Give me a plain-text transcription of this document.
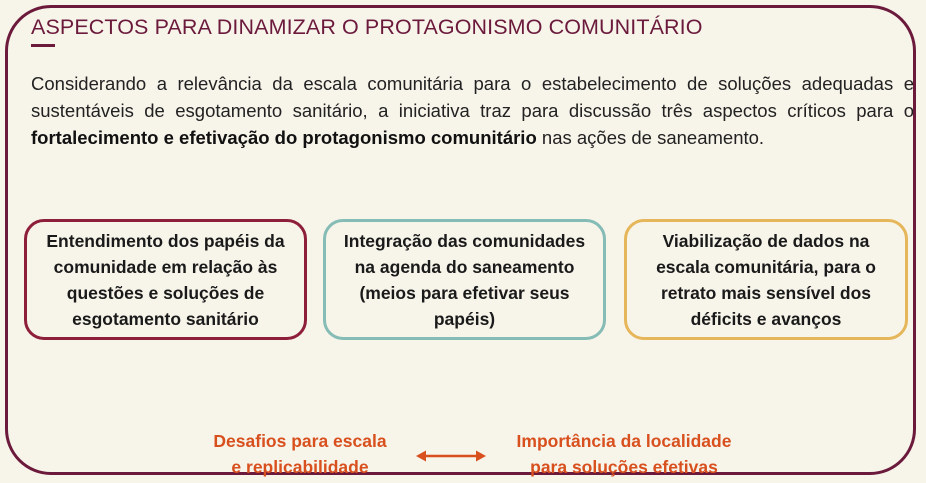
ASPECTOS PARA DINAMIZAR O PROTAGONISMO COMUNITÁRIO
Considerando a relevância da escala comunitária para o estabelecimento de soluções adequadas e sustentáveis de esgotamento sanitário, a iniciativa traz para discussão três aspectos críticos para o fortalecimento e efetivação do protagonismo comunitário nas ações de saneamento.
Entendimento dos papéis da comunidade em relação às questões e soluções de esgotamento sanitário
Integração das comunidades na agenda do saneamento (meios para efetivar seus papéis)
Viabilização de dados na escala comunitária, para o retrato mais sensível dos déficits e avanços
Desafios para escala
e replicabilidade
Importância da localidade
para soluções efetivas
